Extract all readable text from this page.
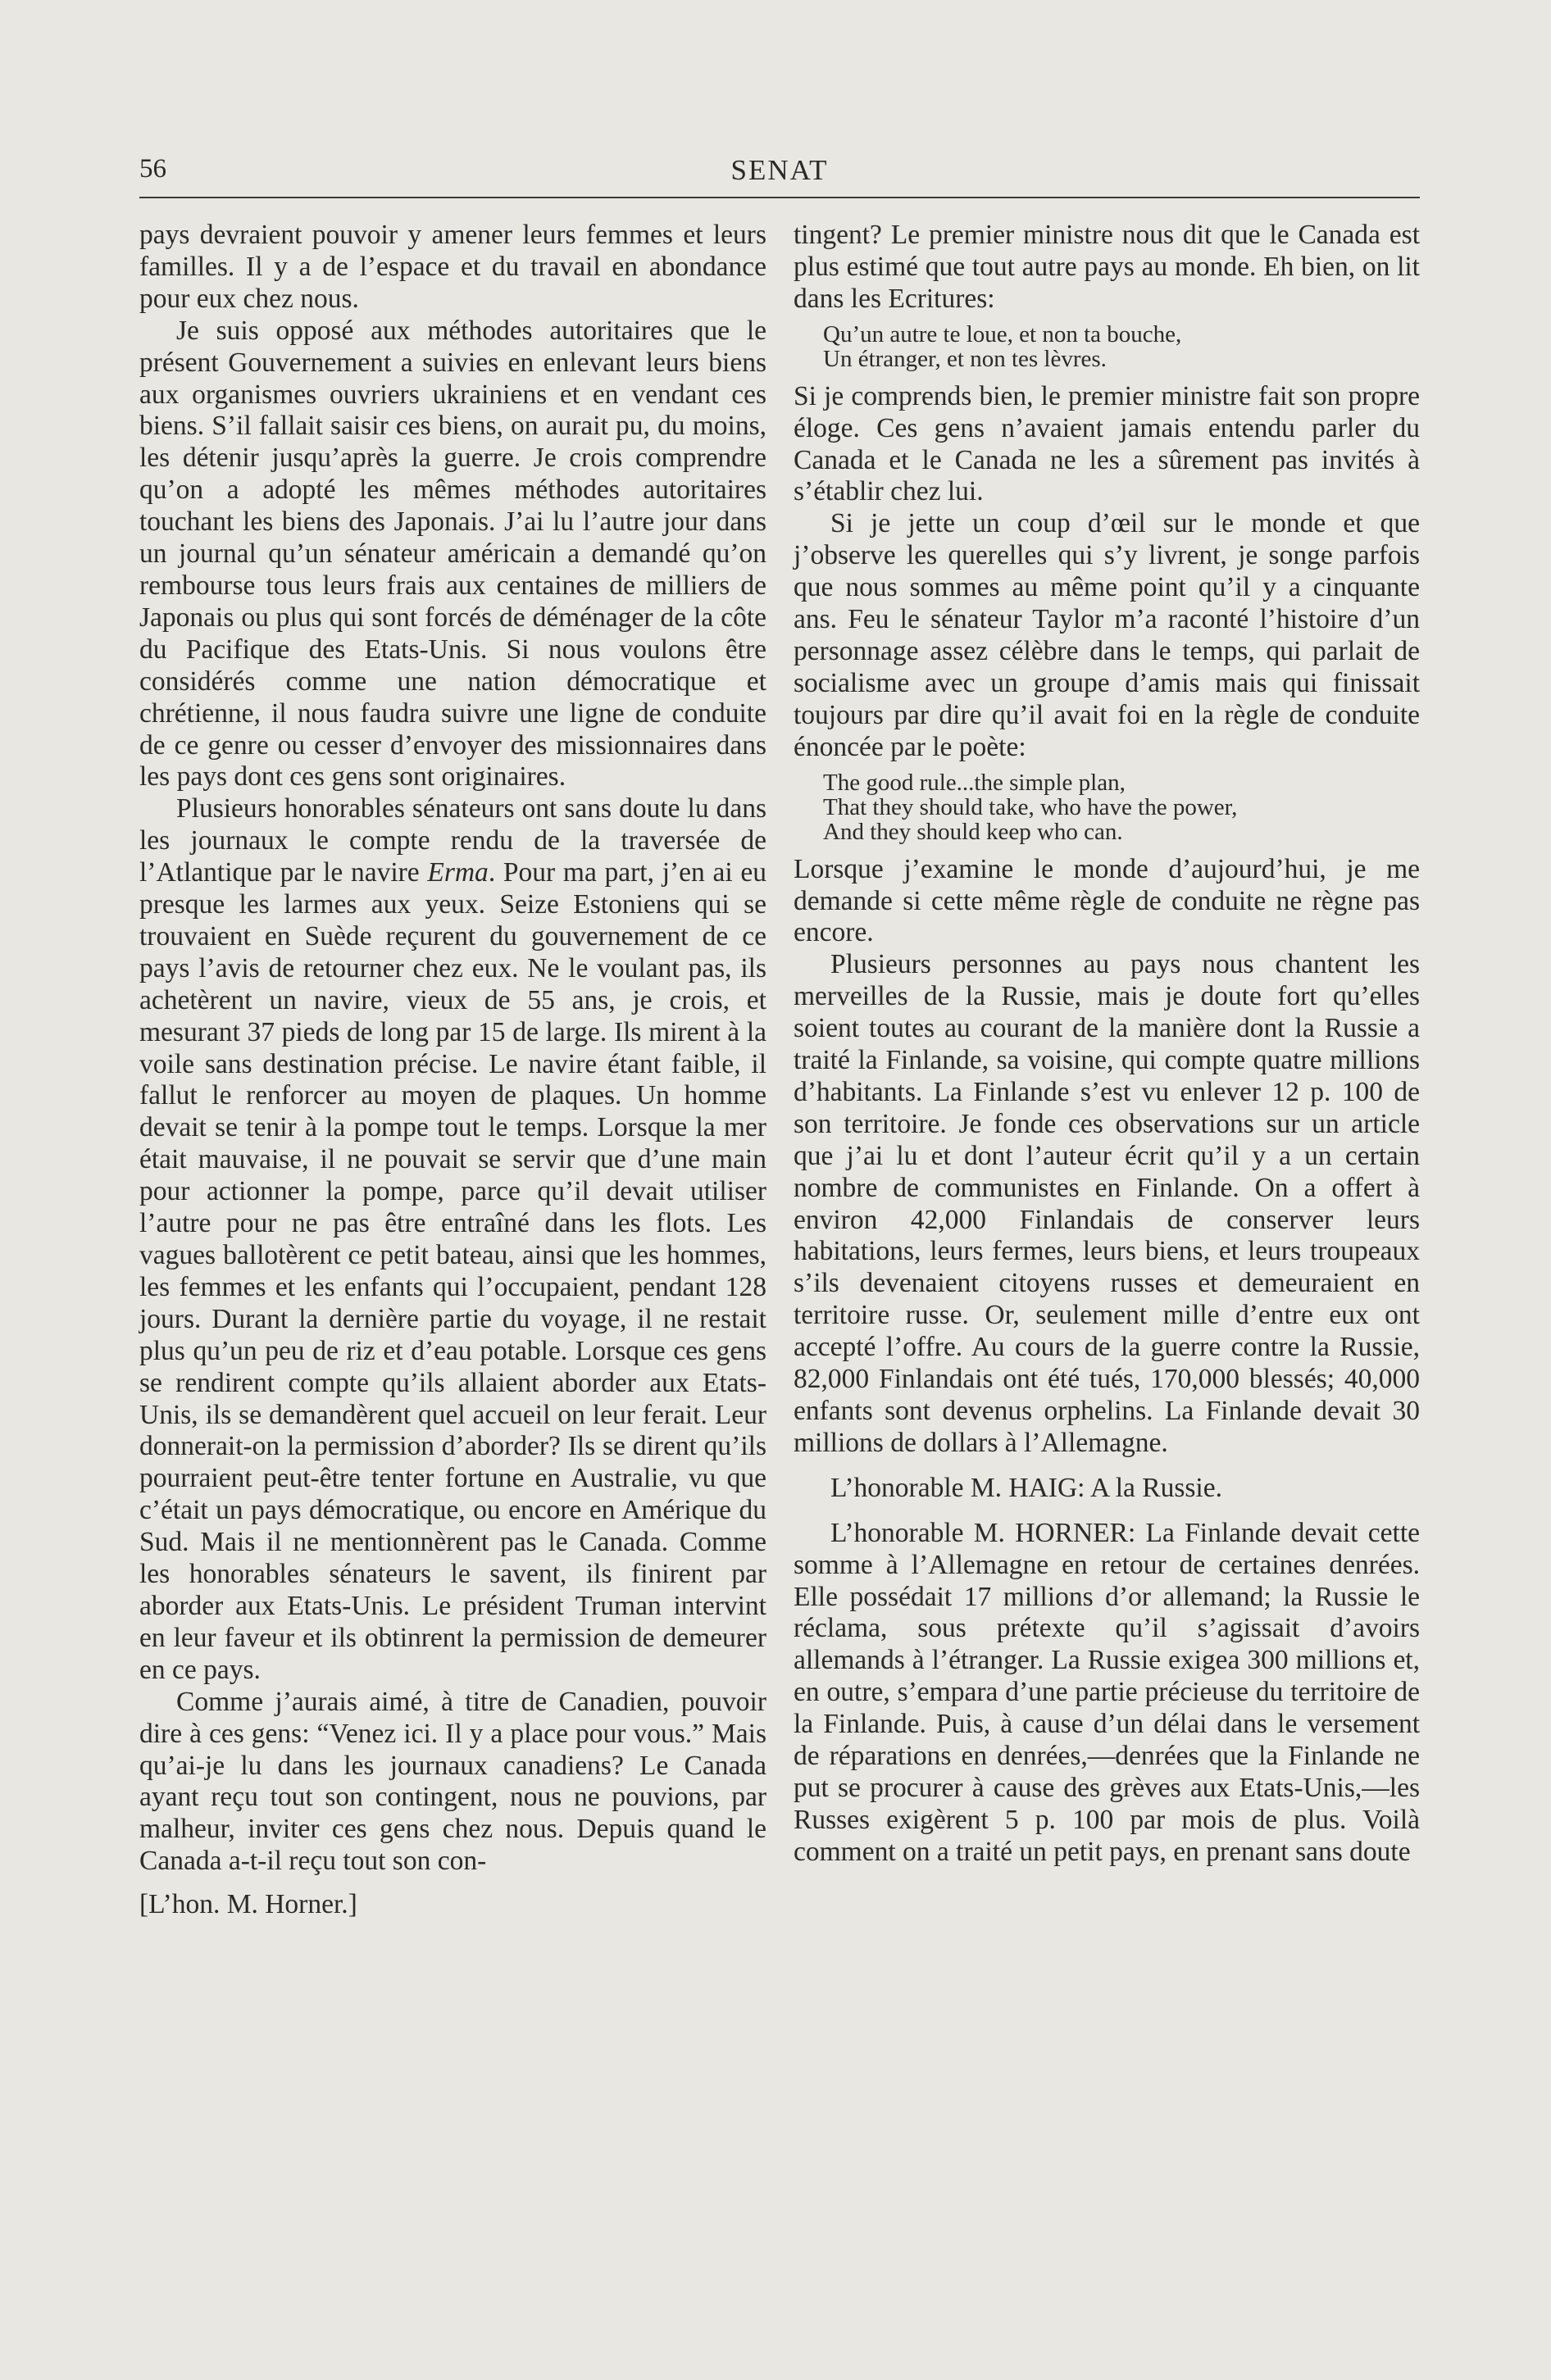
56	SENAT

pays devraient pouvoir y amener leurs femmes et leurs familles. Il y a de l’espace et du travail en abondance pour eux chez nous.

Je suis opposé aux méthodes autoritaires que le présent Gouvernement a suivies en enlevant leurs biens aux organismes ouvriers ukrainiens et en vendant ces biens. S’il fallait saisir ces biens, on aurait pu, du moins, les détenir jusqu’après la guerre. Je crois comprendre qu’on a adopté les mêmes méthodes autoritaires touchant les biens des Japonais. J’ai lu l’autre jour dans un journal qu’un sénateur américain a demandé qu’on rembourse tous leurs frais aux centaines de milliers de Japonais ou plus qui sont forcés de déménager de la côte du Pacifique des Etats-Unis. Si nous voulons être considérés comme une nation démocratique et chrétienne, il nous faudra suivre une ligne de conduite de ce genre ou cesser d’envoyer des missionnaires dans les pays dont ces gens sont originaires.

Plusieurs honorables sénateurs ont sans doute lu dans les journaux le compte rendu de la traversée de l’Atlantique par le navire Erma. Pour ma part, j’en ai eu presque les larmes aux yeux. Seize Estoniens qui se trouvaient en Suède reçurent du gouvernement de ce pays l’avis de retourner chez eux. Ne le voulant pas, ils achetèrent un navire, vieux de 55 ans, je crois, et mesurant 37 pieds de long par 15 de large. Ils mirent à la voile sans destination précise. Le navire étant faible, il fallut le renforcer au moyen de plaques. Un homme devait se tenir à la pompe tout le temps. Lorsque la mer était mauvaise, il ne pouvait se servir que d’une main pour actionner la pompe, parce qu’il devait utiliser l’autre pour ne pas être entraîné dans les flots. Les vagues ballotèrent ce petit bateau, ainsi que les hommes, les femmes et les enfants qui l’occupaient, pendant 128 jours. Durant la dernière partie du voyage, il ne restait plus qu’un peu de riz et d’eau potable. Lorsque ces gens se rendirent compte qu’ils allaient aborder aux Etats-Unis, ils se demandèrent quel accueil on leur ferait. Leur donnerait-on la permission d’aborder? Ils se dirent qu’ils pourraient peut-être tenter fortune en Australie, vu que c’était un pays démocratique, ou encore en Amérique du Sud. Mais il ne mentionnèrent pas le Canada. Comme les honorables sénateurs le savent, ils finirent par aborder aux Etats-Unis. Le président Truman intervint en leur faveur et ils obtinrent la permission de demeurer en ce pays.

Comme j’aurais aimé, à titre de Canadien, pouvoir dire à ces gens: “Venez ici. Il y a place pour vous.” Mais qu’ai-je lu dans les journaux canadiens? Le Canada ayant reçu tout son contingent, nous ne pouvions, par malheur, inviter ces gens chez nous. Depuis quand le Canada a-t-il reçu tout son con-

[L’hon. M. Horner.]

tingent? Le premier ministre nous dit que le Canada est plus estimé que tout autre pays au monde. Eh bien, on lit dans les Ecritures:

Qu’un autre te loue, et non ta bouche,
Un étranger, et non tes lèvres.

Si je comprends bien, le premier ministre fait son propre éloge. Ces gens n’avaient jamais entendu parler du Canada et le Canada ne les a sûrement pas invités à s’établir chez lui.

Si je jette un coup d’œil sur le monde et que j’observe les querelles qui s’y livrent, je songe parfois que nous sommes au même point qu’il y a cinquante ans. Feu le sénateur Taylor m’a raconté l’histoire d’un personnage assez célèbre dans le temps, qui parlait de socialisme avec un groupe d’amis mais qui finissait toujours par dire qu’il avait foi en la règle de conduite énoncée par le poète:

The good rule...the simple plan,
That they should take, who have the power,
And they should keep who can.

Lorsque j’examine le monde d’aujourd’hui, je me demande si cette même règle de conduite ne règne pas encore.

Plusieurs personnes au pays nous chantent les merveilles de la Russie, mais je doute fort qu’elles soient toutes au courant de la manière dont la Russie a traité la Finlande, sa voisine, qui compte quatre millions d’habitants. La Finlande s’est vu enlever 12 p. 100 de son territoire. Je fonde ces observations sur un article que j’ai lu et dont l’auteur écrit qu’il y a un certain nombre de communistes en Finlande. On a offert à environ 42,000 Finlandais de conserver leurs habitations, leurs fermes, leurs biens, et leurs troupeaux s’ils devenaient citoyens russes et demeuraient en territoire russe. Or, seulement mille d’entre eux ont accepté l’offre. Au cours de la guerre contre la Russie, 82,000 Finlandais ont été tués, 170,000 blessés; 40,000 enfants sont devenus orphelins. La Finlande devait 30 millions de dollars à l’Allemagne.

L’honorable M. HAIG: A la Russie.

L’honorable M. HORNER: La Finlande devait cette somme à l’Allemagne en retour de certaines denrées. Elle possédait 17 millions d’or allemand; la Russie le réclama, sous prétexte qu’il s’agissait d’avoirs allemands à l’étranger. La Russie exigea 300 millions et, en outre, s’empara d’une partie précieuse du territoire de la Finlande. Puis, à cause d’un délai dans le versement de réparations en denrées,—denrées que la Finlande ne put se procurer à cause des grèves aux Etats-Unis,—les Russes exigèrent 5 p. 100 par mois de plus. Voilà comment on a traité un petit pays, en prenant sans doute
